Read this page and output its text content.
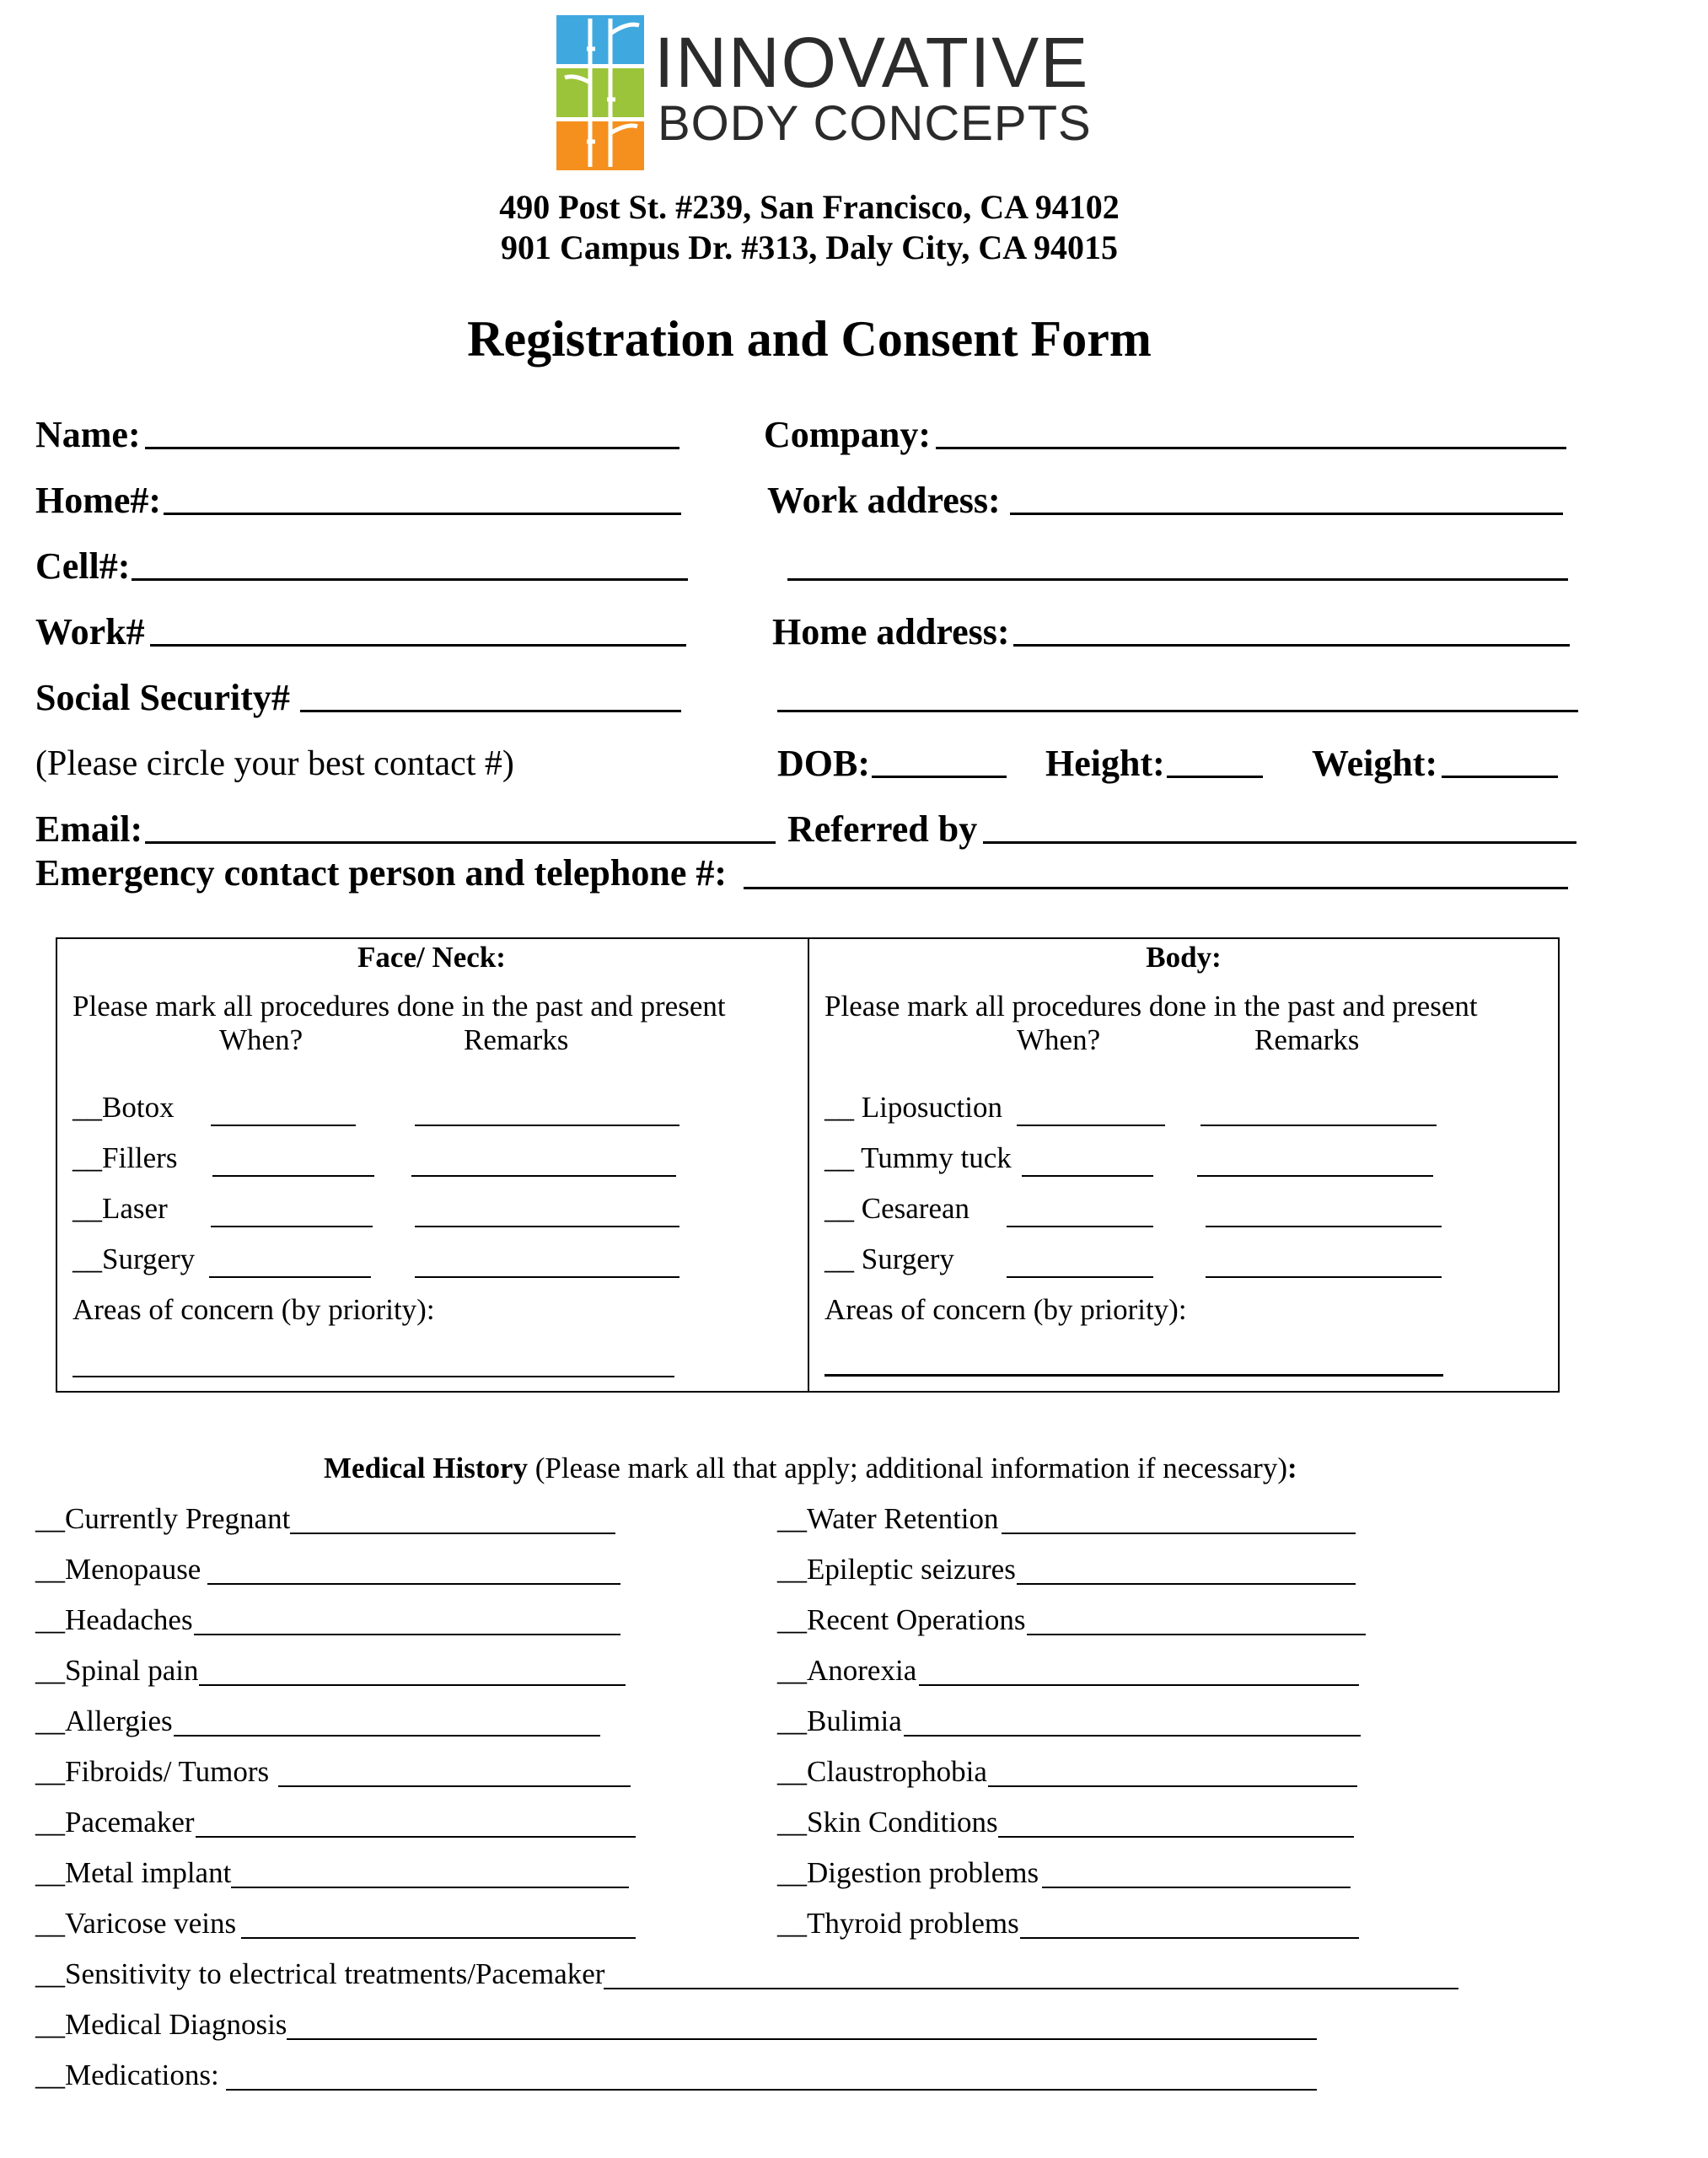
INNOVATIVE
BODY CONCEPTS
490 Post St. #239, San Francisco, CA 94102
901 Campus Dr. #313, Daly City, CA 94015
Registration and Consent Form
Name:	Company:
Home#:	Work address:
Cell#:
Work#	Home address:
Social Security#
(Please circle your best contact #)	DOB:	Height:	Weight:
Email:	Referred by
Emergency contact person and telephone #:
Face/ Neck:
Please mark all procedures done in the past and present
When?	Remarks
__Botox
__Fillers
__Laser
__Surgery
Areas of concern (by priority):
Body:
Please mark all procedures done in the past and present
When?	Remarks
__ Liposuction
__ Tummy tuck
__ Cesarean
__ Surgery
Areas of concern (by priority):
Medical History (Please mark all that apply; additional information if necessary):
__Currently Pregnant
__Menopause
__Headaches
__Spinal pain
__Allergies
__Fibroids/ Tumors
__Pacemaker
__Metal implant
__Varicose veins
__Water Retention
__Epileptic seizures
__Recent Operations
__Anorexia
__Bulimia
__Claustrophobia
__Skin Conditions
__Digestion problems
__Thyroid problems
__Sensitivity to electrical treatments/Pacemaker
__Medical Diagnosis
__Medications:
